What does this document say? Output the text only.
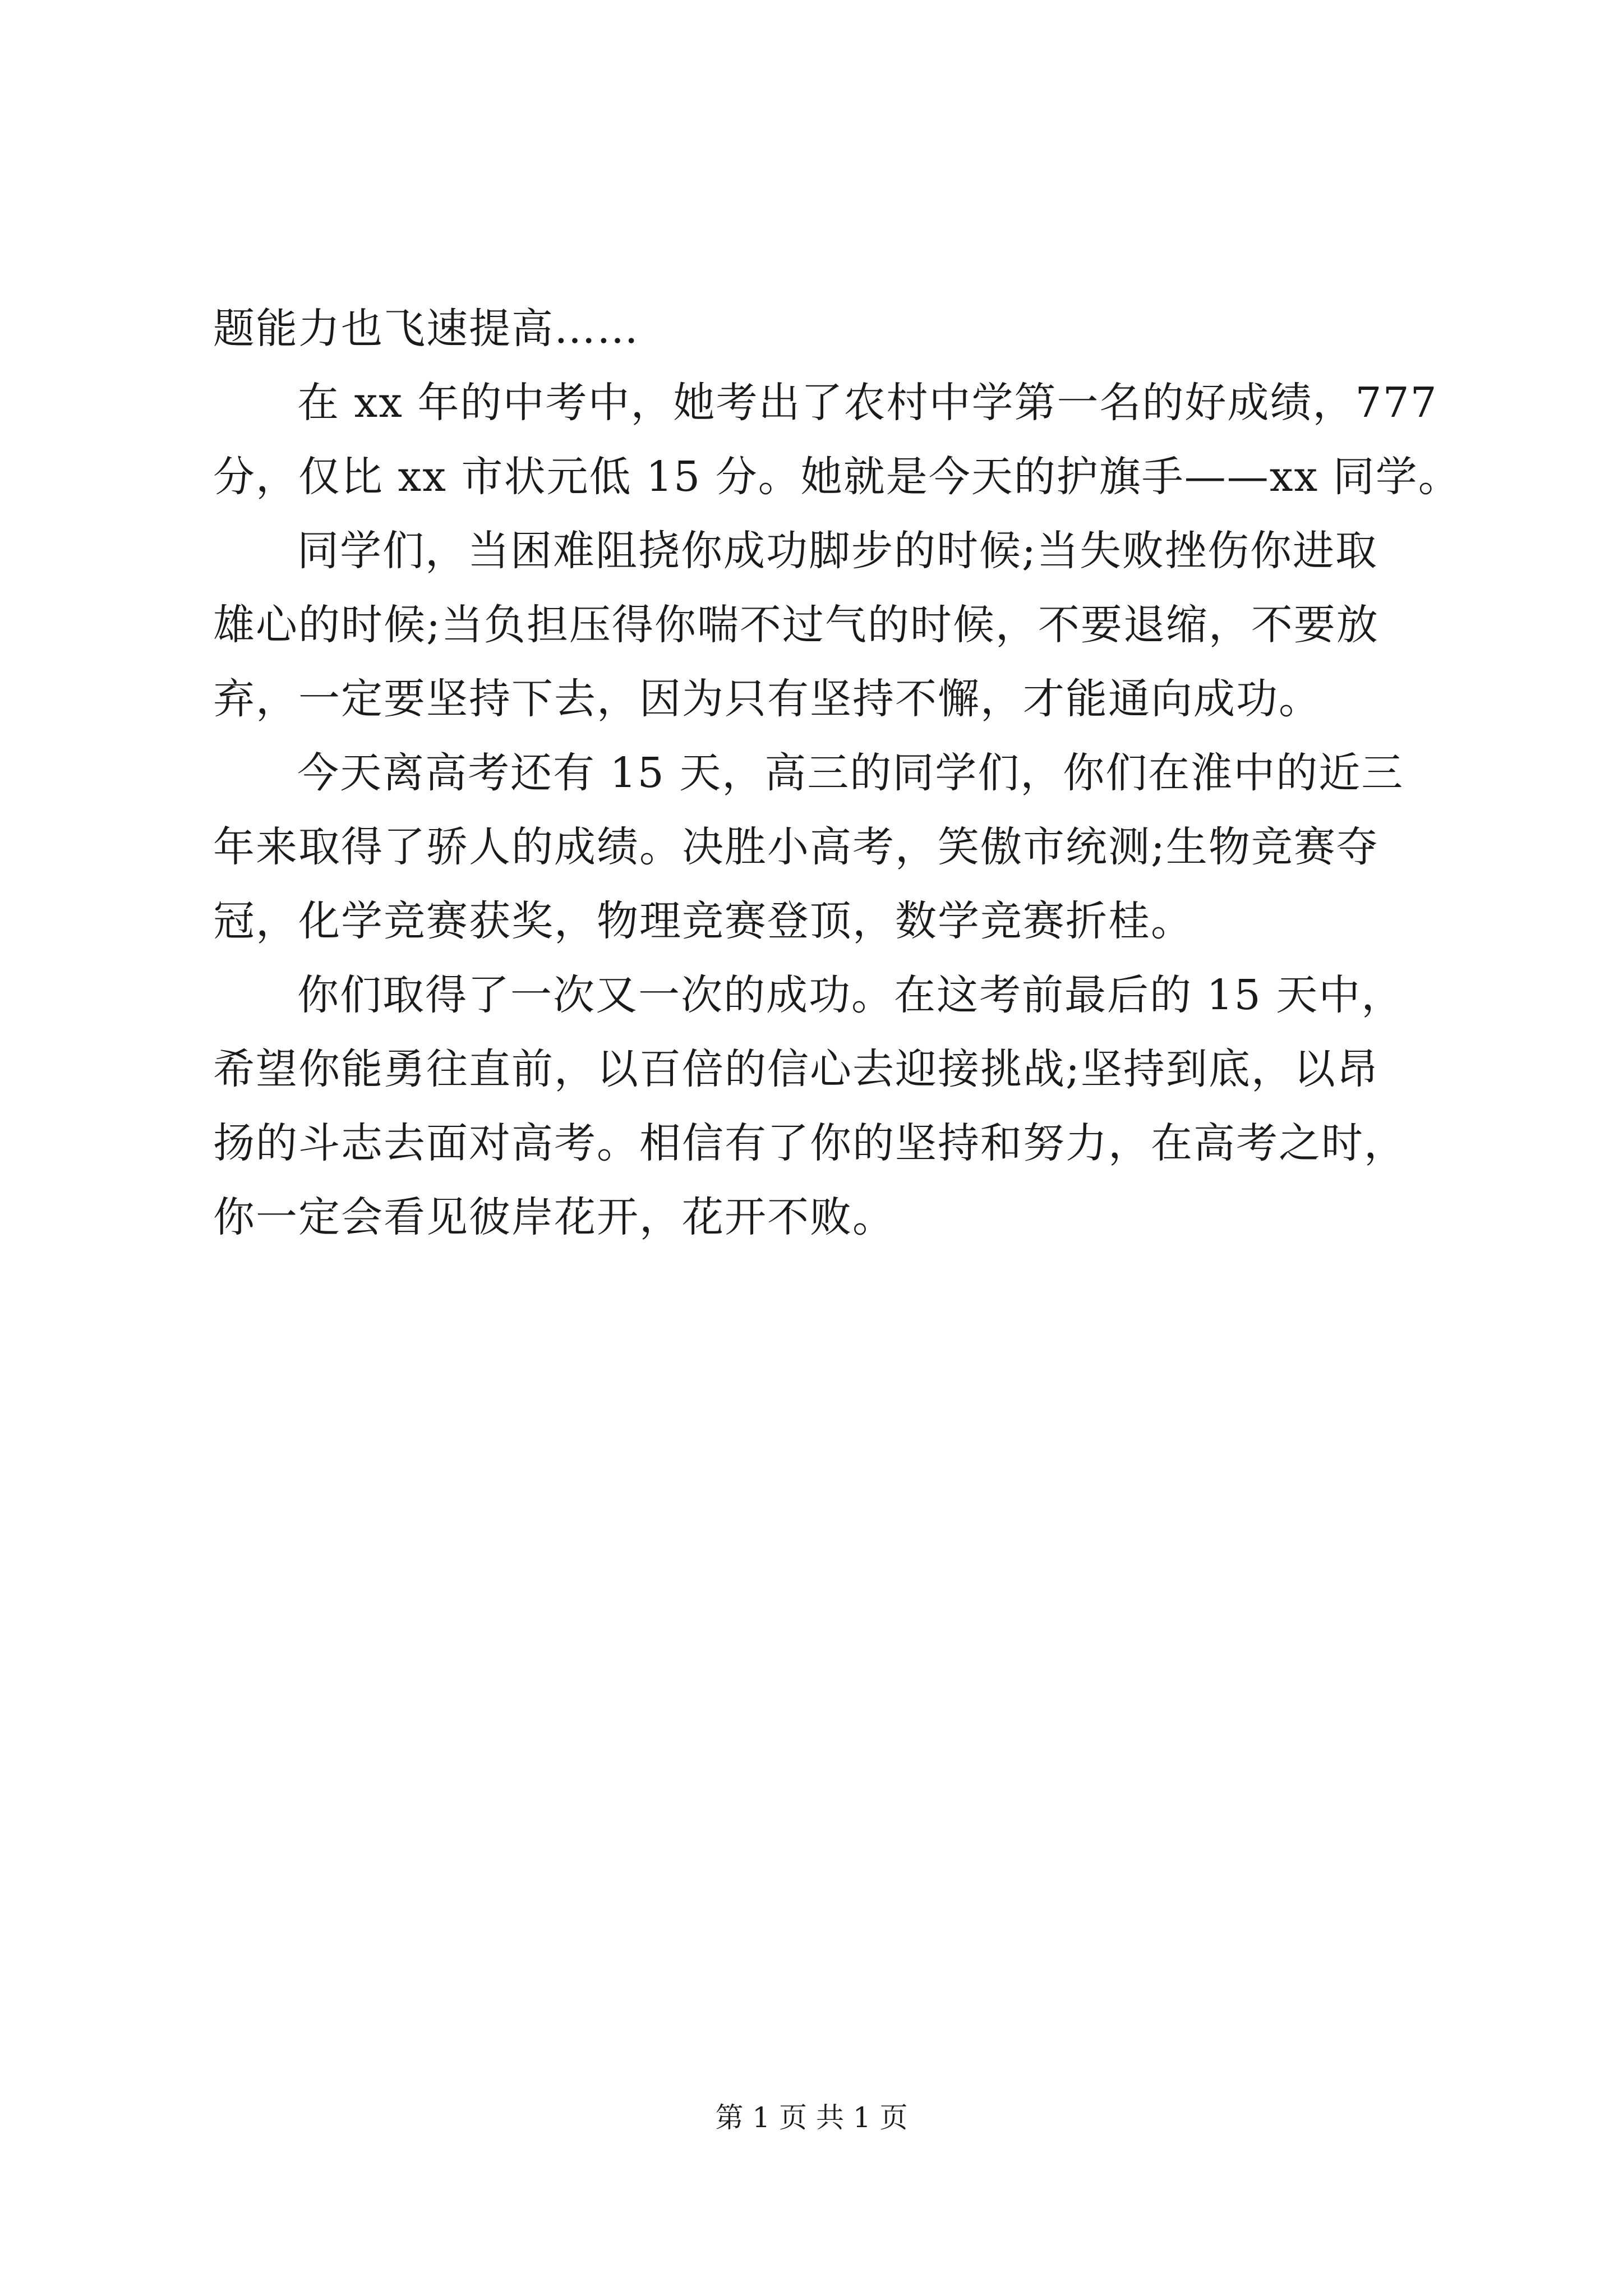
题能力也飞速提高……
在 xx 年的中考中，她考出了农村中学第一名的好成绩，777
分，仅比 xx 市状元低 15 分。她就是今天的护旗手——xx 同学。
同学们，当困难阻挠你成功脚步的时候;当失败挫伤你进取
雄心的时候;当负担压得你喘不过气的时候，不要退缩，不要放
弃，一定要坚持下去，因为只有坚持不懈，才能通向成功。
今天离高考还有 15 天，高三的同学们，你们在淮中的近三
年来取得了骄人的成绩。决胜小高考，笑傲市统测;生物竞赛夺
冠，化学竞赛获奖，物理竞赛登顶，数学竞赛折桂。
你们取得了一次又一次的成功。在这考前最后的 15 天中，
希望你能勇往直前，以百倍的信心去迎接挑战;坚持到底，以昂
扬的斗志去面对高考。相信有了你的坚持和努力，在高考之时，
你一定会看见彼岸花开，花开不败。
第 1 页 共 1 页
